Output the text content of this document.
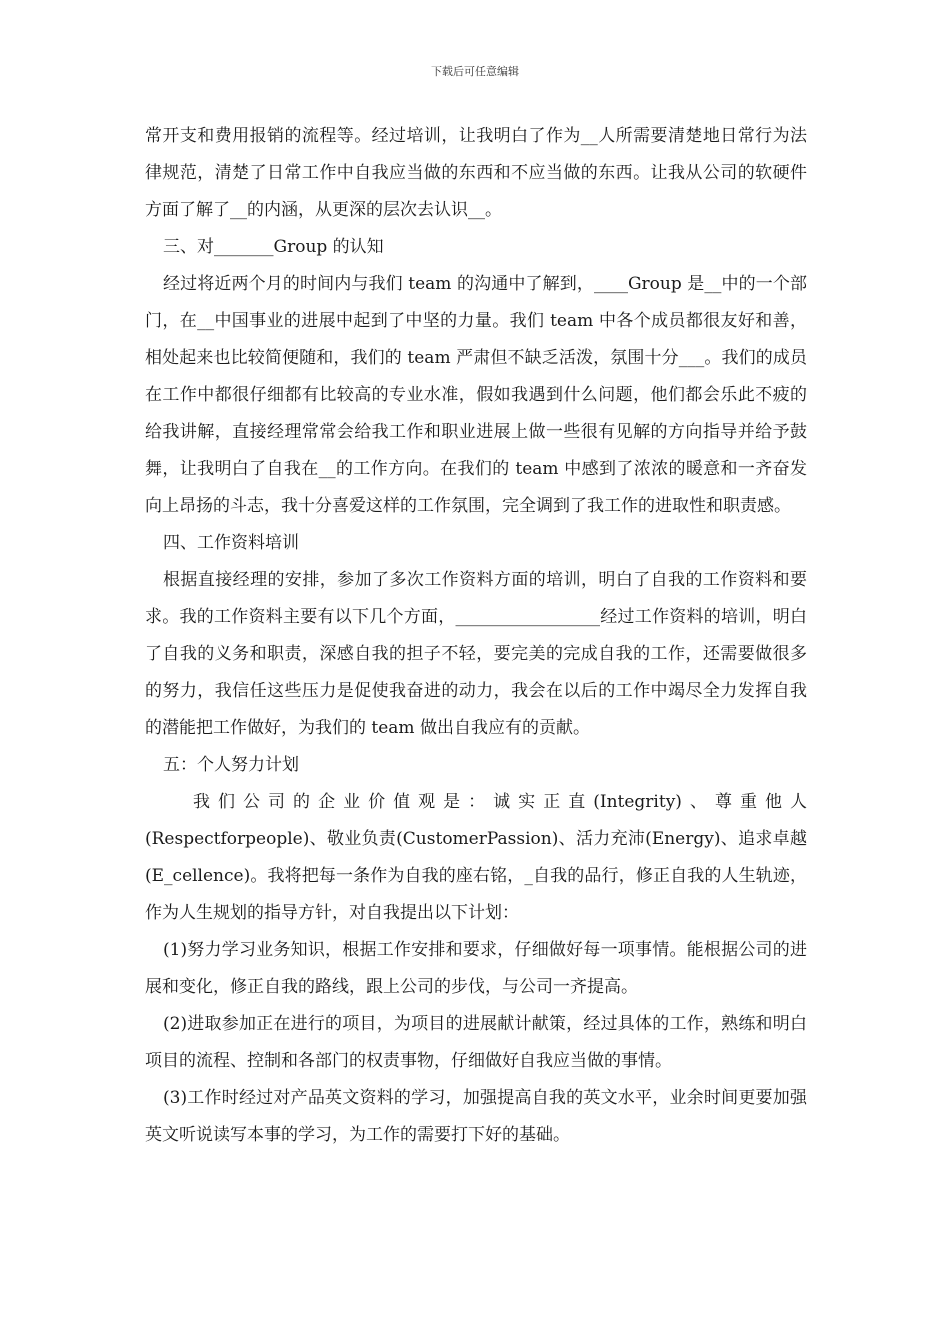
下载后可任意编辑

常开支和费用报销的流程等。经过培训，让我明白了作为__人所需要清楚地日常行为法律规范，清楚了日常工作中自我应当做的东西和不应当做的东西。让我从公司的软硬件方面了解了__的内涵，从更深的层次去认识__。

三、对_______Group 的认知

经过将近两个月的时间内与我们 team 的沟通中了解到，____Group 是__中的一个部门，在__中国事业的进展中起到了中坚的力量。我们 team 中各个成员都很友好和善，相处起来也比较简便随和，我们的 team 严肃但不缺乏活泼，氛围十分___。我们的成员在工作中都很仔细都有比较高的专业水准，假如我遇到什么问题，他们都会乐此不疲的给我讲解，直接经理常常会给我工作和职业进展上做一些很有见解的方向指导并给予鼓舞，让我明白了自我在__的工作方向。在我们的 team 中感到了浓浓的暖意和一齐奋发向上昂扬的斗志，我十分喜爱这样的工作氛围，完全调到了我工作的进取性和职责感。

四、工作资料培训

根据直接经理的安排，参加了多次工作资料方面的培训，明白了自我的工作资料和要求。我的工作资料主要有以下几个方面，_________________经过工作资料的培训，明白了自我的义务和职责，深感自我的担子不轻，要完美的完成自我的工作，还需要做很多的努力，我信任这些压力是促使我奋进的动力，我会在以后的工作中竭尽全力发挥自我的潜能把工作做好，为我们的 team 做出自我应有的贡献。

五：个人努力计划

我们公司的企业价值观是：诚实正直(Integrity)、尊重他人(Respectforpeople)、敬业负责(CustomerPassion)、活力充沛(Energy)、追求卓越(E_cellence)。我将把每一条作为自我的座右铭，_自我的品行，修正自我的人生轨迹，作为人生规划的指导方针，对自我提出以下计划：

(1)努力学习业务知识，根据工作安排和要求，仔细做好每一项事情。能根据公司的进展和变化，修正自我的路线，跟上公司的步伐，与公司一齐提高。

(2)进取参加正在进行的项目，为项目的进展献计献策，经过具体的工作，熟练和明白项目的流程、控制和各部门的权责事物，仔细做好自我应当做的事情。

(3)工作时经过对产品英文资料的学习，加强提高自我的英文水平，业余时间更要加强英文听说读写本事的学习，为工作的需要打下好的基础。
